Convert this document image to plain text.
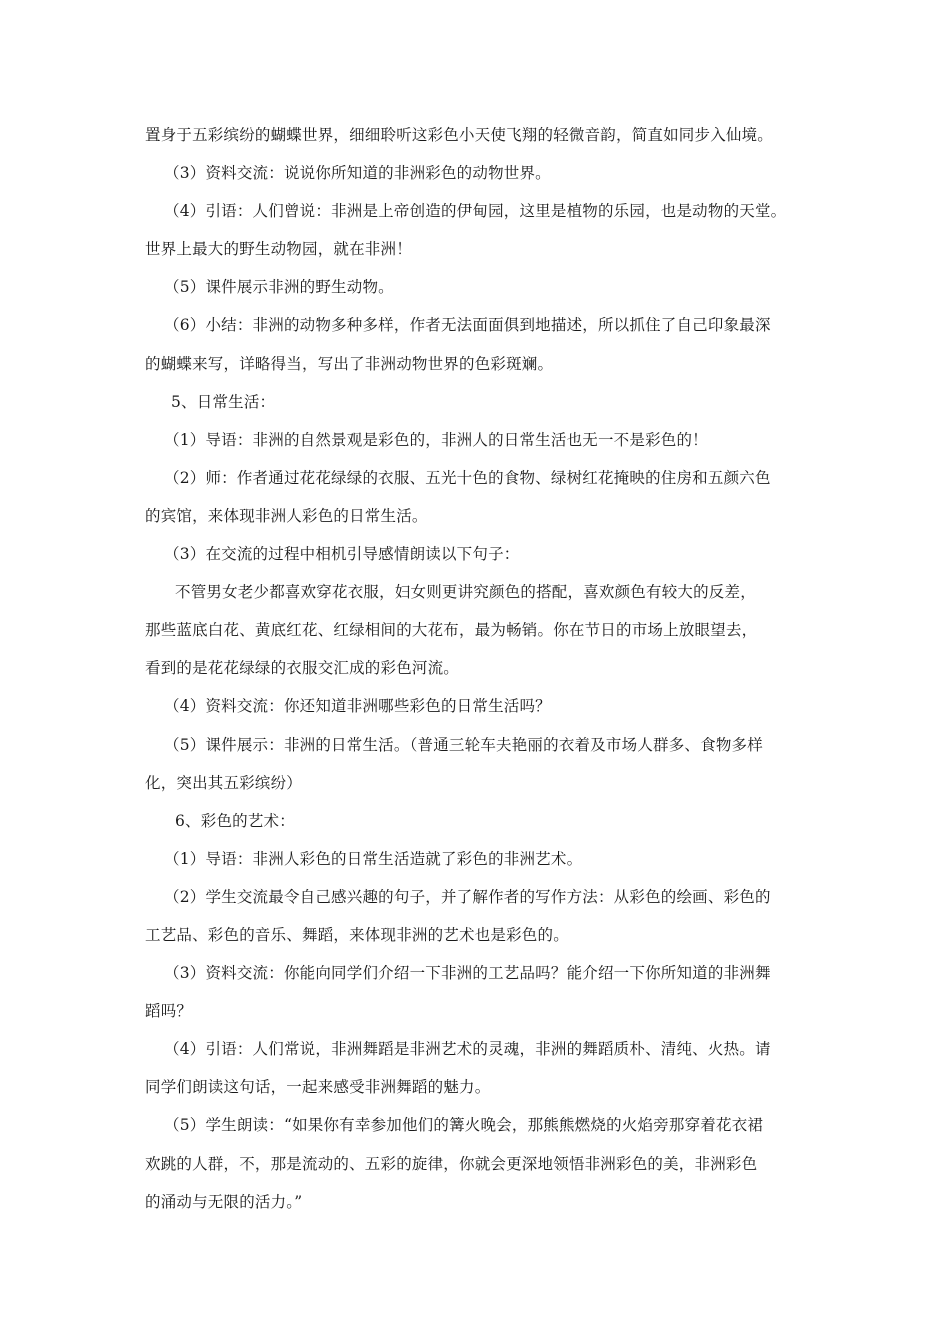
置身于五彩缤纷的蝴蝶世界，细细聆听这彩色小天使飞翔的轻微音韵，简直如同步入仙境。
（3）资料交流：说说你所知道的非洲彩色的动物世界。
（4）引语：人们曾说：非洲是上帝创造的伊甸园，这里是植物的乐园，也是动物的天堂。
世界上最大的野生动物园，就在非洲！
（5）课件展示非洲的野生动物。
（6）小结：非洲的动物多种多样，作者无法面面俱到地描述，所以抓住了自己印象最深
的蝴蝶来写，详略得当，写出了非洲动物世界的色彩斑斓。
5、日常生活：
（1）导语：非洲的自然景观是彩色的，非洲人的日常生活也无一不是彩色的！
（2）师：作者通过花花绿绿的衣服、五光十色的食物、绿树红花掩映的住房和五颜六色
的宾馆，来体现非洲人彩色的日常生活。
（3）在交流的过程中相机引导感情朗读以下句子：
不管男女老少都喜欢穿花衣服，妇女则更讲究颜色的搭配，喜欢颜色有较大的反差，
那些蓝底白花、黄底红花、红绿相间的大花布，最为畅销。你在节日的市场上放眼望去，
看到的是花花绿绿的衣服交汇成的彩色河流。
（4）资料交流：你还知道非洲哪些彩色的日常生活吗？
（5）课件展示：非洲的日常生活。（普通三轮车夫艳丽的衣着及市场人群多、食物多样
化，突出其五彩缤纷）
6、彩色的艺术：
（1）导语：非洲人彩色的日常生活造就了彩色的非洲艺术。
（2）学生交流最令自己感兴趣的句子，并了解作者的写作方法：从彩色的绘画、彩色的
工艺品、彩色的音乐、舞蹈，来体现非洲的艺术也是彩色的。
（3）资料交流：你能向同学们介绍一下非洲的工艺品吗？能介绍一下你所知道的非洲舞
蹈吗？
（4）引语：人们常说，非洲舞蹈是非洲艺术的灵魂，非洲的舞蹈质朴、清纯、火热。请
同学们朗读这句话，一起来感受非洲舞蹈的魅力。
（5）学生朗读：“如果你有幸参加他们的篝火晚会，那熊熊燃烧的火焰旁那穿着花衣裙
欢跳的人群，不，那是流动的、五彩的旋律，你就会更深地领悟非洲彩色的美，非洲彩色
的涌动与无限的活力。”
